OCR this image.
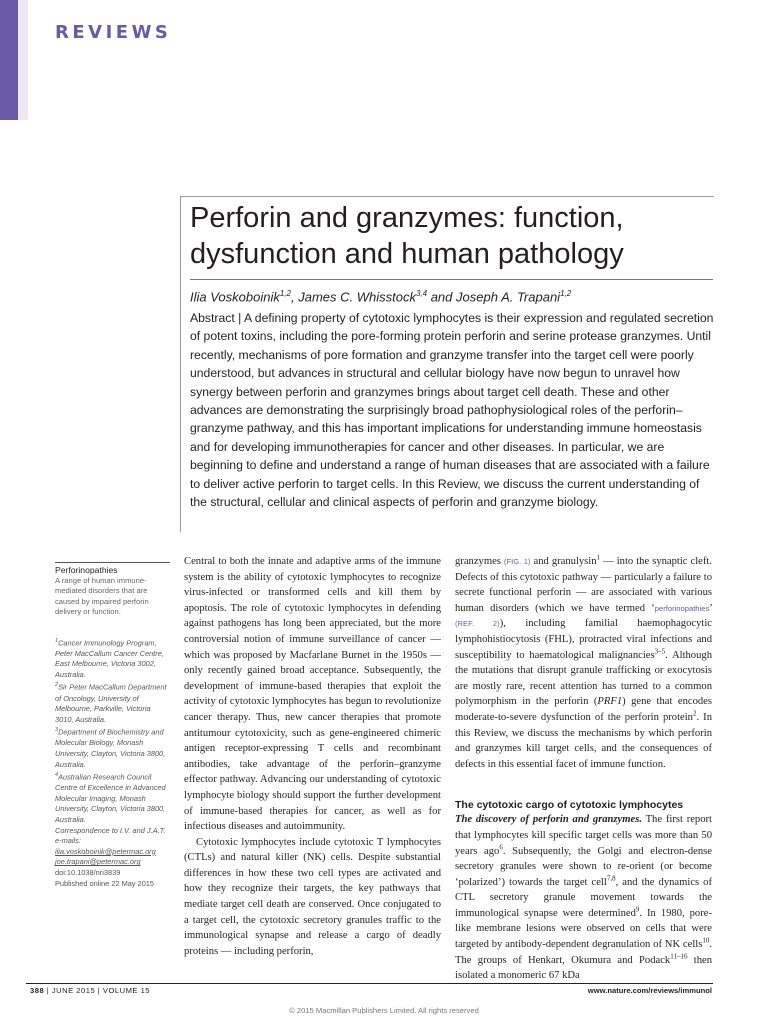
REVIEWS
Perforin and granzymes: function, dysfunction and human pathology

Ilia Voskoboinik$^{1,2}$, James C. Whisstock$^{3,4}$ and Joseph A. Trapani$^{1,2}$

Abstract | A defining property of cytotoxic lymphocytes is their expression and regulated secretion of potent toxins, including the pore-forming protein perforin and serine protease granzymes. Until recently, mechanisms of pore formation and granzyme transfer into the target cell were poorly understood, but advances in structural and cellular biology have now begun to unravel how synergy between perforin and granzymes brings about target cell death. These and other advances are demonstrating the surprisingly broad pathophysiological roles of the perforin–granzyme pathway, and this has important implications for understanding immune homeostasis and for developing immunotherapies for cancer and other diseases. In particular, we are beginning to define and understand a range of human diseases that are associated with a failure to deliver active perforin to target cells. In this Review, we discuss the current understanding of the structural, cellular and clinical aspects of perforin and granzyme biology.

Perforinopathies

A range of human immune-mediated disorders that are caused by impaired perforin delivery or function.

$^1$Cancer Immunology Program, Peter MacCallum Cancer Centre, East Melbourne, Victoria 3002, Australia.

$^2$Sir Peter MacCallum Department of Oncology, University of Melbourne, Parkville, Victoria 3010, Australia.

$^3$Department of Biochemistry and Molecular Biology, Monash University, Clayton, Victoria 3800, Australia.

$^4$Australian Research Council Centre of Excellence in Advanced Molecular Imaging, Monash University, Clayton, Victoria 3800, Australia.

Correspondence to I.V. and J.A.T.

e-mails:

ilia.voskoboinik@petermac.org
joe.trapani@petermac.org

doi:10.1038/nri3839

Published online 22 May 2015

Central to both the innate and adaptive arms of the immune system is the ability of cytotoxic lymphocytes to recognize virus-infected or transformed cells and kill them by apoptosis. The role of cytotoxic lymphocytes in defending against pathogens has long been appreciated, but the more controversial notion of immune surveillance of cancer — which was proposed by Macfarlane Burnet in the 1950s — only recently gained broad acceptance. Subsequently, the development of immune-based therapies that exploit the activity of cytotoxic lymphocytes has begun to revolutionize cancer therapy. Thus, new cancer therapies that promote antitumour cytotoxicity, such as gene-engineered chimeric antigen receptor-expressing T cells and recombinant antibodies, take advantage of the perforin–granzyme effector pathway. Advancing our understanding of cytotoxic lymphocyte biology should support the further development of immune-based therapies for cancer, as well as for infectious diseases and autoimmunity.

Cytotoxic lymphocytes include cytotoxic T lymphocytes (CTLs) and natural killer (NK) cells. Despite substantial differences in how these two cell types are activated and how they recognize their targets, the key pathways that mediate target cell death are conserved. Once conjugated to a target cell, the cytotoxic secretory granules traffic to the immunological synapse and release a cargo of deadly proteins — including perforin,

granzymes (FIG. 1) and granulysin$^1$ — into the synaptic cleft. Defects of this cytotoxic pathway — particularly a failure to secrete functional perforin — are associated with various human disorders (which we have termed ‘perforinopathies’ (REF. 2)), including familial haemophagocytic lymphohistiocytosis (FHL), protracted viral infections and susceptibility to haematological malignancies$^{3-5}$. Although the mutations that disrupt granule trafficking or exocytosis are mostly rare, recent attention has turned to a common polymorphism in the perforin (PRF1) gene that encodes moderate-to-severe dysfunction of the perforin protein$^2$. In this Review, we discuss the mechanisms by which perforin and granzymes kill target cells, and the consequences of defects in this essential facet of immune function.

The cytotoxic cargo of cytotoxic lymphocytes

The discovery of perforin and granzymes. The first report that lymphocytes kill specific target cells was more than 50 years ago$^6$. Subsequently, the Golgi and electron-dense secretory granules were shown to re-orient (or become ‘polarized’) towards the target cell$^{7,8}$, and the dynamics of CTL secretory granule movement towards the immunological synapse were determined$^9$. In 1980, pore-like membrane lesions were observed on cells that were targeted by antibody-dependent degranulation of NK cells$^{10}$. The groups of Henkart, Okumura and Podack$^{11-16}$ then isolated a monomeric 67 kDa

388 | JUNE 2015 | VOLUME 15	www.nature.com/reviews/immunol

© 2015 Macmillan Publishers Limited. All rights reserved
